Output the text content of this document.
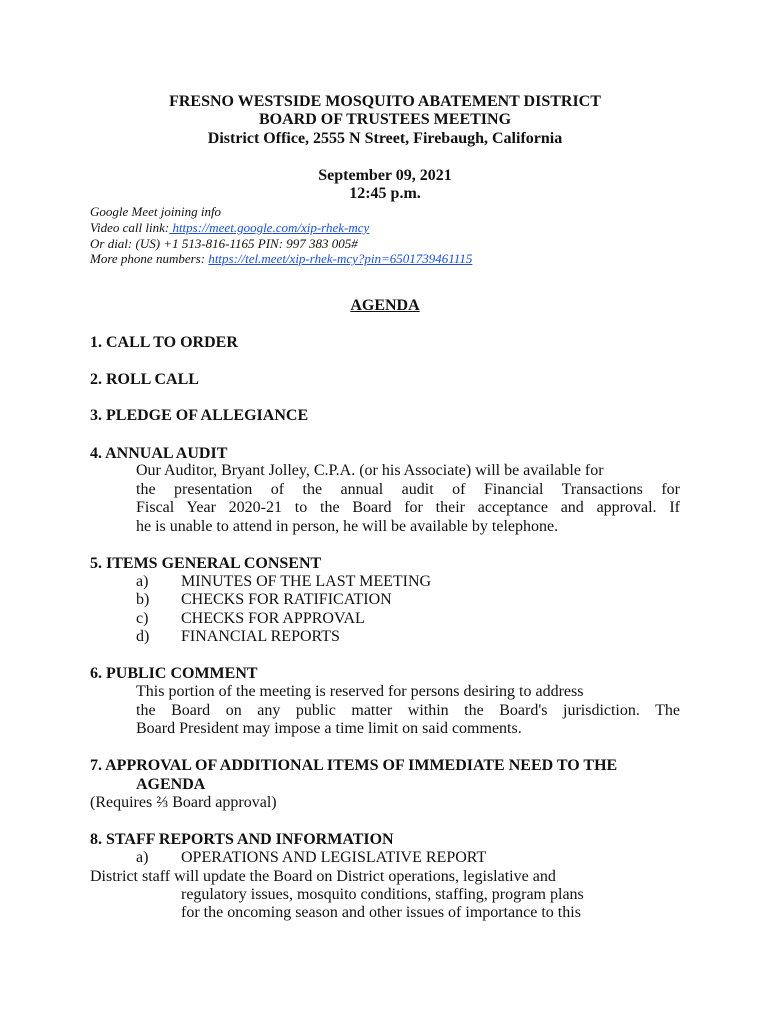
FRESNO WESTSIDE MOSQUITO ABATEMENT DISTRICT
BOARD OF TRUSTEES MEETING
District Office, 2555 N Street, Firebaugh, California
September 09, 2021
12:45 p.m.
Google Meet joining info
Video call link: https://meet.google.com/xip-rhek-mcy
Or dial: (US) +1 513-816-1165 PIN: 997 383 005#
More phone numbers: https://tel.meet/xip-rhek-mcy?pin=6501739461115
AGENDA
1. CALL TO ORDER
2. ROLL CALL
3. PLEDGE OF ALLEGIANCE
4. ANNUAL AUDIT
Our Auditor, Bryant Jolley, C.P.A. (or his Associate) will be available for
the presentation of the annual audit of Financial Transactions for
Fiscal Year 2020-21 to the Board for their acceptance and approval. If
he is unable to attend in person, he will be available by telephone.
5. ITEMS GENERAL CONSENT
a) MINUTES OF THE LAST MEETING
b) CHECKS FOR RATIFICATION
c) CHECKS FOR APPROVAL
d) FINANCIAL REPORTS
6. PUBLIC COMMENT
This portion of the meeting is reserved for persons desiring to address
the Board on any public matter within the Board's jurisdiction. The
Board President may impose a time limit on said comments.
7. APPROVAL OF ADDITIONAL ITEMS OF IMMEDIATE NEED TO THE
AGENDA
(Requires ⅔ Board approval)
8. STAFF REPORTS AND INFORMATION
a) OPERATIONS AND LEGISLATIVE REPORT
District staff will update the Board on District operations, legislative and
regulatory issues, mosquito conditions, staffing, program plans
for the oncoming season and other issues of importance to this
